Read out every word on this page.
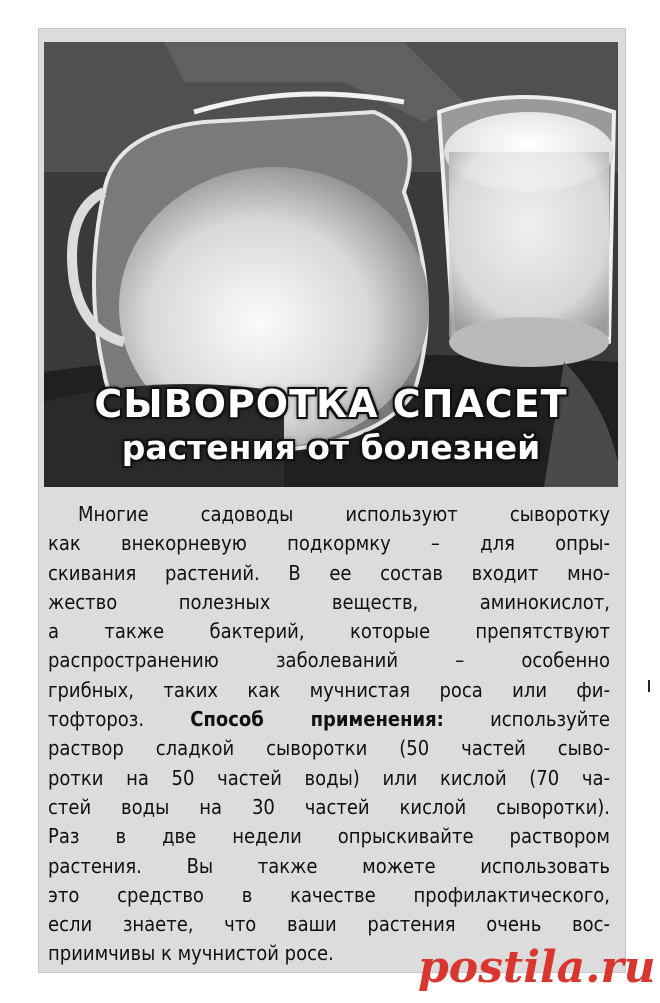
СЫВОРОТКА СПАСЕТ
растения от болезней
Многие садоводы используют сыворотку
как внекорневую подкормку – для опры-
скивания растений. В ее состав входит мно-
жество полезных веществ, аминокислот,
а также бактерий, которые препятствуют
распространению заболеваний – особенно
грибных, таких как мучнистая роса или фи-
тофтороз. Способ применения: используйте
раствор сладкой сыворотки (50 частей сыво-
ротки на 50 частей воды) или кислой (70 ча-
стей воды на 30 частей кислой сыворотки).
Раз в две недели опрыскивайте раствором
растения. Вы также можете использовать
это средство в качестве профилактического,
если знаете, что ваши растения очень вос-
приимчивы к мучнистой росе.	postila.ru
